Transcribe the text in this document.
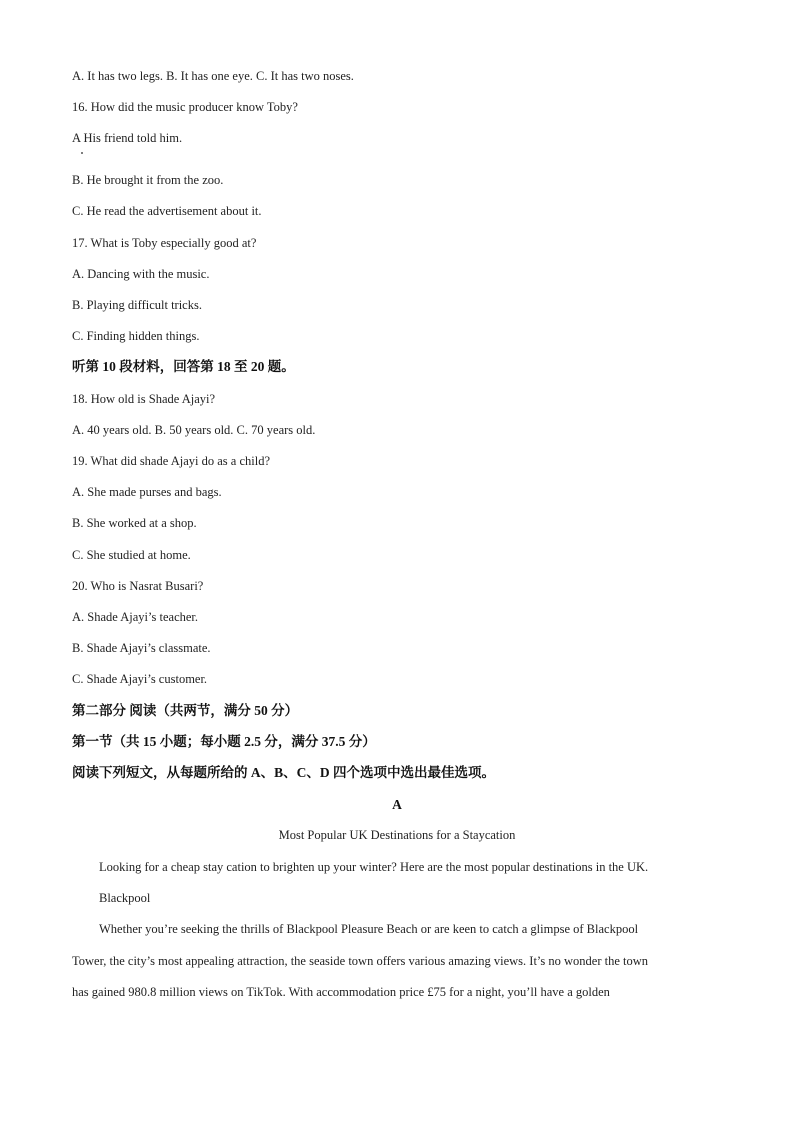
A. It has two legs. B. It has one eye. C. It has two noses.
16. How did the music producer know Toby?
A His friend told him.
B. He brought it from the zoo.
C. He read the advertisement about it.
17. What is Toby especially good at?
A. Dancing with the music.
B. Playing difficult tricks.
C. Finding hidden things.
听第 10 段材料，回答第 18 至 20 题。
18. How old is Shade Ajayi?
A. 40 years old. B. 50 years old. C. 70 years old.
19. What did shade Ajayi do as a child?
A. She made purses and bags.
B. She worked at a shop.
C. She studied at home.
20. Who is Nasrat Busari?
A. Shade Ajayi’s teacher.
B. Shade Ajayi’s classmate.
C. Shade Ajayi’s customer.
第二部分 阅读（共两节，满分 50 分）
第一节（共 15 小题；每小题 2.5 分，满分 37.5 分）
阅读下列短文，从每题所给的 A、B、C、D 四个选项中选出最佳选项。
A
Most Popular UK Destinations for a Staycation
Looking for a cheap stay cation to brighten up your winter? Here are the most popular destinations in the UK.
Blackpool
Whether you’re seeking the thrills of Blackpool Pleasure Beach or are keen to catch a glimpse of Blackpool
Tower, the city’s most appealing attraction, the seaside town offers various amazing views. It’s no wonder the town
has gained 980.8 million views on TikTok. With accommodation price £75 for a night, you’ll have a golden
